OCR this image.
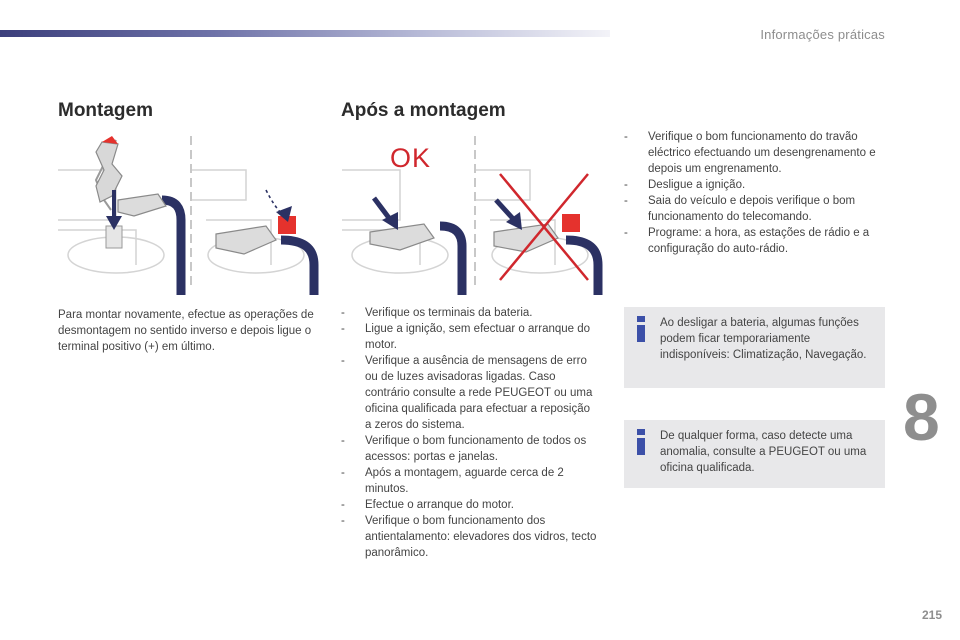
Informações práticas
Montagem
Para montar novamente, efectue as operações de desmontagem no sentido inverso e depois ligue o terminal positivo (+) em último.
Após a montagem
OK
- Verifique os terminais da bateria.
- Ligue a ignição, sem efectuar o arranque do motor.
- Verifique a ausência de mensagens de erro ou de luzes avisadoras ligadas. Caso contrário consulte a rede PEUGEOT ou uma oficina qualificada para efectuar a reposição a zeros do sistema.
- Verifique o bom funcionamento de todos os acessos: portas e janelas.
- Após a montagem, aguarde cerca de 2 minutos.
- Efectue o arranque do motor.
- Verifique o bom funcionamento dos antientalamento: elevadores dos vidros, tecto panorâmico.
- Verifique o bom funcionamento do travão eléctrico efectuando um desengrenamento e depois um engrenamento.
- Desligue a ignição.
- Saia do veículo e depois verifique o bom funcionamento do telecomando.
- Programe: a hora, as estações de rádio e a configuração do auto-rádio.
Ao desligar a bateria, algumas funções podem ficar temporariamente indisponíveis: Climatização, Navegação.
De qualquer forma, caso detecte uma anomalia, consulte a PEUGEOT ou uma oficina qualificada.
8
215
